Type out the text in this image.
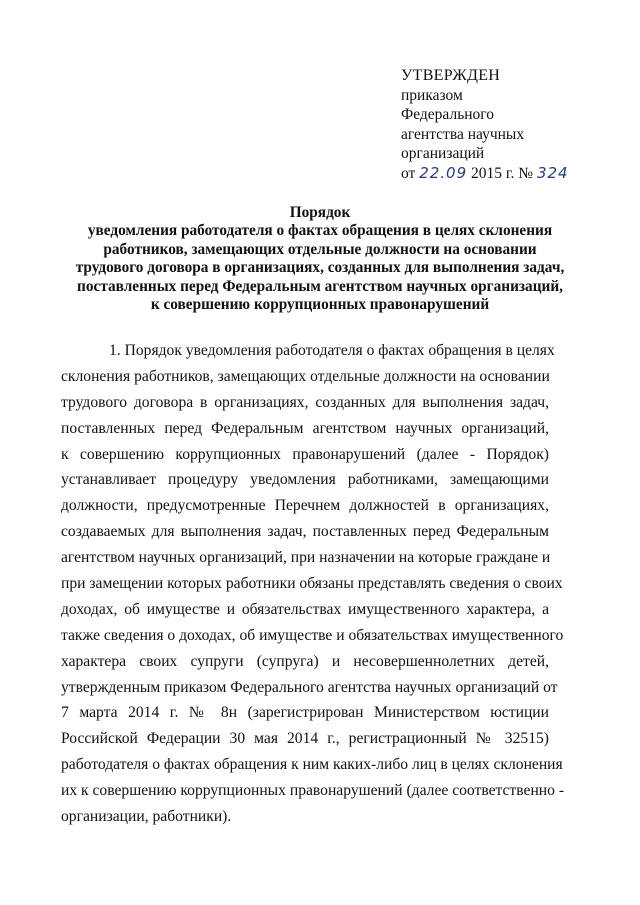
УТВЕРЖДЕН
приказом
Федерального
агентства научных
организаций
от 22.09 2015 г. № 324
Порядок
уведомления работодателя о фактах обращения в целях склонения
работников, замещающих отдельные должности на основании
трудового договора в организациях, созданных для выполнения задач,
поставленных перед Федеральным агентством научных организаций,
к совершению коррупционных правонарушений
1. Порядок уведомления работодателя о фактах обращения в целях
склонения работников, замещающих отдельные должности на основании
трудового договора в организациях, созданных для выполнения задач,
поставленных перед Федеральным агентством научных организаций,
к совершению коррупционных правонарушений (далее - Порядок)
устанавливает процедуру уведомления работниками, замещающими
должности, предусмотренные Перечнем должностей в организациях,
создаваемых для выполнения задач, поставленных перед Федеральным
агентством научных организаций, при назначении на которые граждане и
при замещении которых работники обязаны представлять сведения о своих
доходах, об имуществе и обязательствах имущественного характера, а
также сведения о доходах, об имуществе и обязательствах имущественного
характера своих супруги (супруга) и несовершеннолетних детей,
утвержденным приказом Федерального агентства научных организаций от
7 марта 2014 г. № 8н (зарегистрирован Министерством юстиции
Российской Федерации 30 мая 2014 г., регистрационный № 32515)
работодателя о фактах обращения к ним каких-либо лиц в целях склонения
их к совершению коррупционных правонарушений (далее соответственно -
организации, работники).
